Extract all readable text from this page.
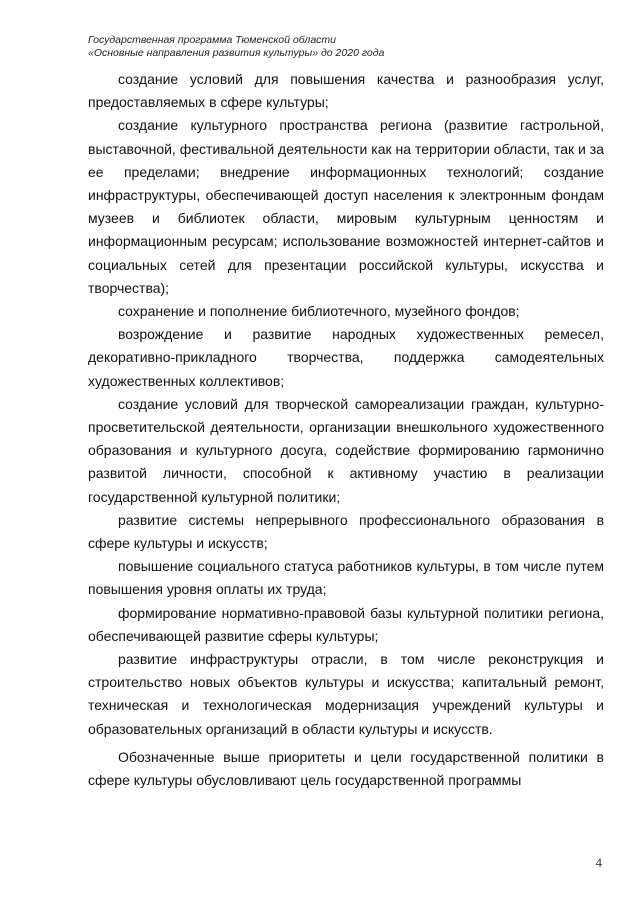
Государственная программа Тюменской области
«Основные направления развития культуры» до 2020 года

создание условий для повышения качества и разнообразия услуг, предоставляемых в сфере культуры;

создание культурного пространства региона (развитие гастрольной, выставочной, фестивальной деятельности как на территории области, так и за ее пределами; внедрение информационных технологий; создание инфраструктуры, обеспечивающей доступ населения к электронным фондам музеев и библиотек области, мировым культурным ценностям и информационным ресурсам; использование возможностей интернет-сайтов и социальных сетей для презентации российской культуры, искусства и творчества);

сохранение и пополнение библиотечного, музейного фондов;

возрождение и развитие народных художественных ремесел, декоративно-прикладного творчества, поддержка самодеятельных художественных коллективов;

создание условий для творческой самореализации граждан, культурно-просветительской деятельности, организации внешкольного художественного образования и культурного досуга, содействие формированию гармонично развитой личности, способной к активному участию в реализации государственной культурной политики;

развитие системы непрерывного профессионального образования в сфере культуры и искусств;

повышение социального статуса работников культуры, в том числе путем повышения уровня оплаты их труда;

формирование нормативно-правовой базы культурной политики региона, обеспечивающей развитие сферы культуры;

развитие инфраструктуры отрасли, в том числе реконструкция и строительство новых объектов культуры и искусства; капитальный ремонт, техническая и технологическая модернизация учреждений культуры и образовательных организаций в области культуры и искусств.

Обозначенные выше приоритеты и цели государственной политики в сфере культуры обусловливают цель государственной программы

4
